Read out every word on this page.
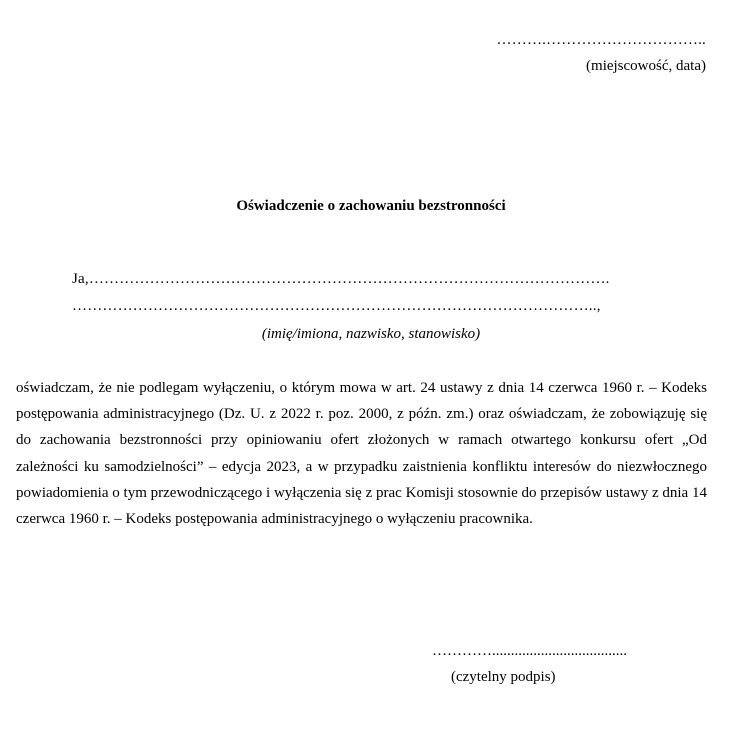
……….…………………………..
(miejscowość, data)
Oświadczenie o zachowaniu bezstronności
Ja,………………………………………………………………………………………….
…………………………………………………………………………………………..,
(imię/imiona, nazwisko, stanowisko)
oświadczam, że nie podlegam wyłączeniu, o którym mowa w art. 24 ustawy z dnia 14 czerwca 1960 r. – Kodeks postępowania administracyjnego (Dz. U. z 2022 r. poz. 2000, z późn. zm.) oraz oświadczam, że zobowiązuję się do zachowania bezstronności przy opiniowaniu ofert złożonych w ramach otwartego konkursu ofert „Od zależności ku samodzielności” – edycja 2023, a w przypadku zaistnienia konfliktu interesów do niezwłocznego powiadomienia o tym przewodniczącego i wyłączenia się z prac Komisji stosownie do przepisów ustawy z dnia 14 czerwca 1960 r. – Kodeks postępowania administracyjnego o wyłączeniu pracownika.
…………....................................
(czytelny podpis)
